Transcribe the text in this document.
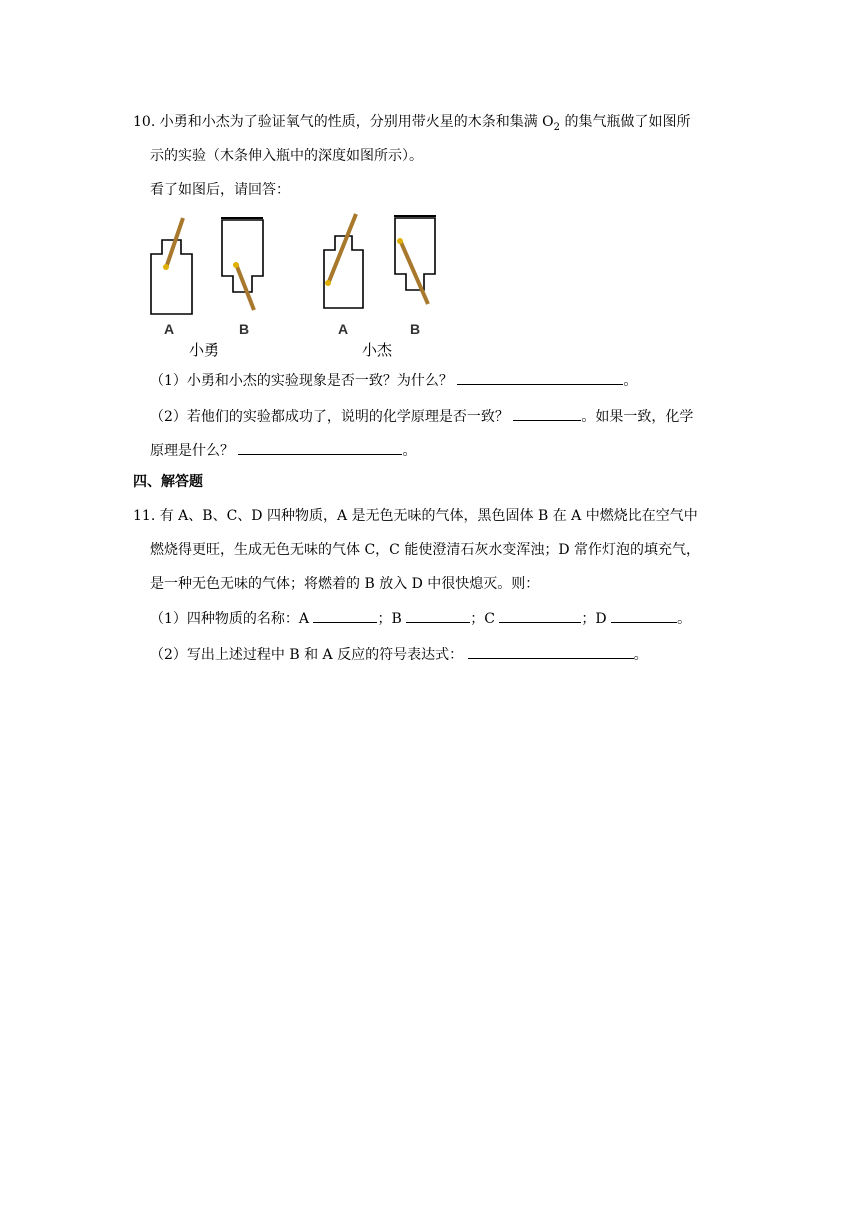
10. 小勇和小杰为了验证氧气的性质，分别用带火星的木条和集满 $O_2$ 的集气瓶做了如图所
示的实验（木条伸入瓶中的深度如图所示）。
看了如图后，请回答：
A	B	A	B
小勇	小杰
（1）小勇和小杰的实验现象是否一致？为什么？	。
（2）若他们的实验都成功了，说明的化学原理是否一致？	。如果一致，化学
原理是什么？	。
四、解答题
11. 有 A、B、C、D 四种物质，A 是无色无味的气体，黑色固体 B 在 A 中燃烧比在空气中
燃烧得更旺，生成无色无味的气体 C，C 能使澄清石灰水变浑浊；D 常作灯泡的填充气，
是一种无色无味的气体；将燃着的 B 放入 D 中很快熄灭。则：
（1）四种物质的名称：A	；B	；C	；D	。
（2）写出上述过程中 B 和 A 反应的符号表达式：	。
